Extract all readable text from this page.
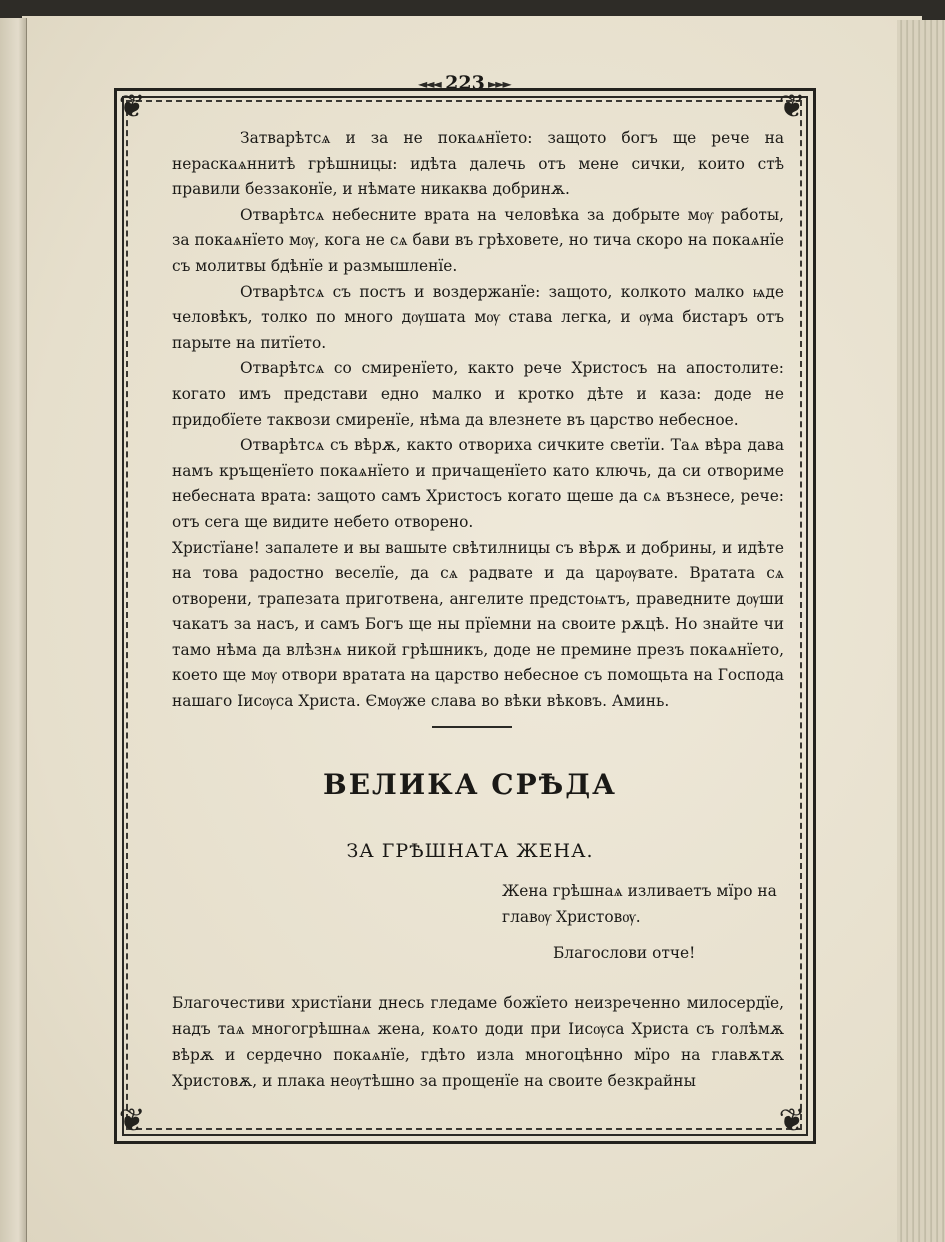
◄◄◄ 223 ►►►
❦	❦
❦	❦

Затварѣтсѧ и за не покаѧнїето: защото богъ ще рече на нераскаѧннитѣ грѣшницы: идѣта далечь отъ мене сички, които стѣ правили беззаконїе, и нѣмате никаква добринѫ.

Отварѣтсѧ небесните врата на человѣка за добрыте мѹ работы, за покаѧнїето мѹ, кога не сѧ бави въ грѣховете, но тича скоро на покаѧнїе съ молитвы бдѣнїе и размышленїе.

Отварѣтсѧ съ постъ и воздержанїе: защото, колкото малко ѩде человѣкъ, толко по много дѹшата мѹ става легка, и ѹма бистаръ отъ парыте на питїето.

Отварѣтсѧ со смиренїето, както рече Христосъ на апостолите: когато имъ представи едно малко и кротко дѣте и каза: доде не придобїете таквози смиренїе, нѣма да влезнете въ царство небесное.

Отварѣтсѧ съ вѣрѫ, както отвориха сичките светїи. Таѧ вѣра дава намъ кръщенїето покаѧнїето и причащенїето като ключь, да си отвориме небесната врата: защото самъ Христосъ когато щеше да сѧ възнесе, рече: отъ сега ще видите небето отворено.

Христїане! запалете и вы вашыте свѣтилницы съ вѣрѫ и добрины, и идѣте на това радостно веселїе, да сѧ радвате и да царѹвате. Вратата сѧ отворени, трапезата приготвена, ангелите предстоѩтъ, праведните дѹши чакатъ за насъ, и самъ Богъ ще ны прїемни на своите рѫцѣ. Но знайте чи тамо нѣма да влѣзнѧ никой грѣшникъ, доде не премине презъ покаѧнїето, което ще мѹ отвори вратата на царство небесное съ помощьта на Господа нашаго Іисѹса Христа. Ємѹже слава во вѣки вѣковъ. Аминь.

ВЕЛИКА СРѢДА
ЗА ГРѢШНАТА ЖЕНА.
Жена грѣшнаѧ изливаетъ мїро на главѹ Христовѹ.
Благослови отче!
Благочестиви христїани днесь гледаме божїето неизреченно милосердїе, надъ таѧ многогрѣшнаѧ жена, коѧто доди при Іисѹса Христа съ голѣмѫ вѣрѫ и сердечно покаѧнїе, гдѣто изла многоцѣнно мїро на главѫтѫ Христовѫ, и плака неѹтѣшно за прощенїе на своите безкрайны
